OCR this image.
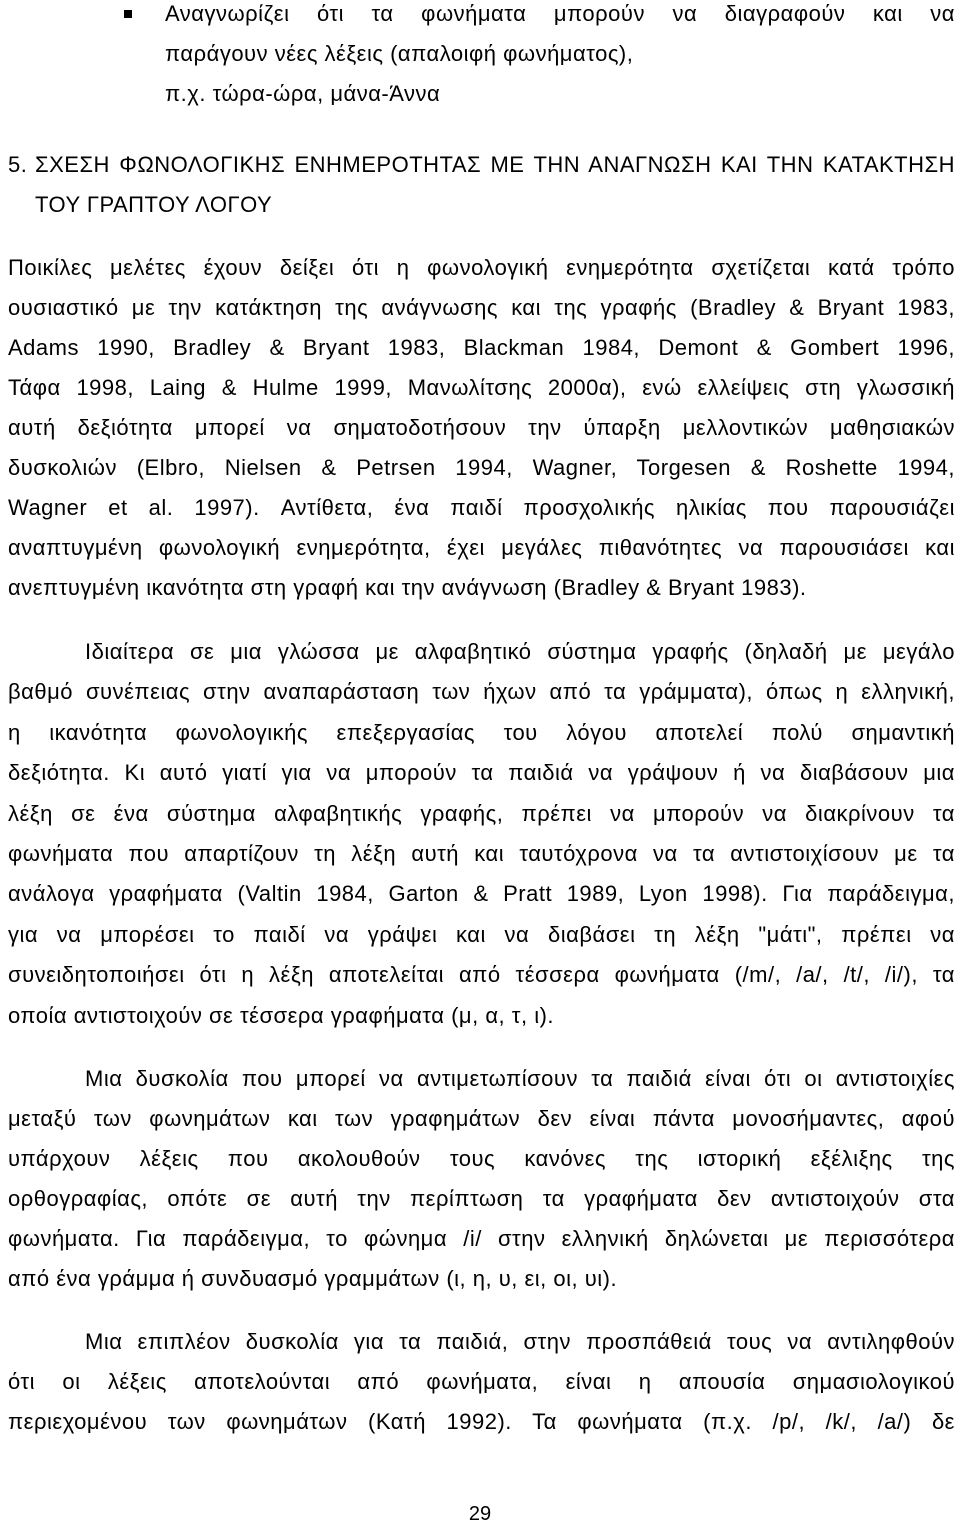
Αναγνωρίζει ότι τα φωνήματα μπορούν να διαγραφούν και να
παράγουν νέες λέξεις (απαλοιφή φωνήματος),
π.χ. τώρα-ώρα, μάνα-Άννα
5. ΣΧΕΣΗ ΦΩΝΟΛΟΓΙΚΗΣ ΕΝΗΜΕΡΟΤΗΤΑΣ ΜΕ ΤΗΝ ΑΝΑΓΝΩΣΗ ΚΑΙ ΤΗΝ ΚΑΤΑΚΤΗΣΗ
ΤΟΥ ΓΡΑΠΤΟΥ ΛΟΓΟΥ
Ποικίλες μελέτες έχουν δείξει ότι η φωνολογική ενημερότητα σχετίζεται κατά τρόπο
ουσιαστικό με την κατάκτηση της ανάγνωσης και της γραφής (Bradley & Bryant 1983,
Adams 1990, Bradley & Bryant 1983, Blackman 1984, Demont & Gombert 1996,
Τάφα 1998, Laing & Hulme 1999, Μανωλίτσης 2000α), ενώ ελλείψεις στη γλωσσική
αυτή δεξιότητα μπορεί να σηματοδοτήσουν την ύπαρξη μελλοντικών μαθησιακών
δυσκολιών (Elbro, Nielsen & Petrsen 1994, Wagner, Torgesen & Roshette 1994,
Wagner et al. 1997). Αντίθετα, ένα παιδί προσχολικής ηλικίας που παρουσιάζει
αναπτυγμένη φωνολογική ενημερότητα, έχει μεγάλες πιθανότητες να παρουσιάσει και
ανεπτυγμένη ικανότητα στη γραφή και την ανάγνωση (Bradley & Bryant 1983).
Ιδιαίτερα σε μια γλώσσα με αλφαβητικό σύστημα γραφής (δηλαδή με μεγάλο
βαθμό συνέπειας στην αναπαράσταση των ήχων από τα γράμματα), όπως η ελληνική,
η ικανότητα φωνολογικής επεξεργασίας του λόγου αποτελεί πολύ σημαντική
δεξιότητα. Κι αυτό γιατί για να μπορούν τα παιδιά να γράψουν ή να διαβάσουν μια
λέξη σε ένα σύστημα αλφαβητικής γραφής, πρέπει να μπορούν να διακρίνουν τα
φωνήματα που απαρτίζουν τη λέξη αυτή και ταυτόχρονα να τα αντιστοιχίσουν με τα
ανάλογα γραφήματα (Valtin 1984, Garton & Pratt 1989, Lyon 1998). Για παράδειγμα,
για να μπορέσει το παιδί να γράψει και να διαβάσει τη λέξη "μάτι", πρέπει να
συνειδητοποιήσει ότι η λέξη αποτελείται από τέσσερα φωνήματα (/m/, /a/, /t/, /i/), τα
οποία αντιστοιχούν σε τέσσερα γραφήματα (μ, α, τ, ι).
Μια δυσκολία που μπορεί να αντιμετωπίσουν τα παιδιά είναι ότι οι αντιστοιχίες
μεταξύ των φωνημάτων και των γραφημάτων δεν είναι πάντα μονοσήμαντες, αφού
υπάρχουν λέξεις που ακολουθούν τους κανόνες της ιστορική εξέλιξης της
ορθογραφίας, οπότε σε αυτή την περίπτωση τα γραφήματα δεν αντιστοιχούν στα
φωνήματα. Για παράδειγμα, το φώνημα /i/ στην ελληνική δηλώνεται με περισσότερα
από ένα γράμμα ή συνδυασμό γραμμάτων (ι, η, υ, ει, οι, υι).
Μια επιπλέον δυσκολία για τα παιδιά, στην προσπάθειά τους να αντιληφθούν
ότι οι λέξεις αποτελούνται από φωνήματα, είναι η απουσία σημασιολογικού
περιεχομένου των φωνημάτων (Κατή 1992). Τα φωνήματα (π.χ. /p/, /k/, /a/) δε
29
